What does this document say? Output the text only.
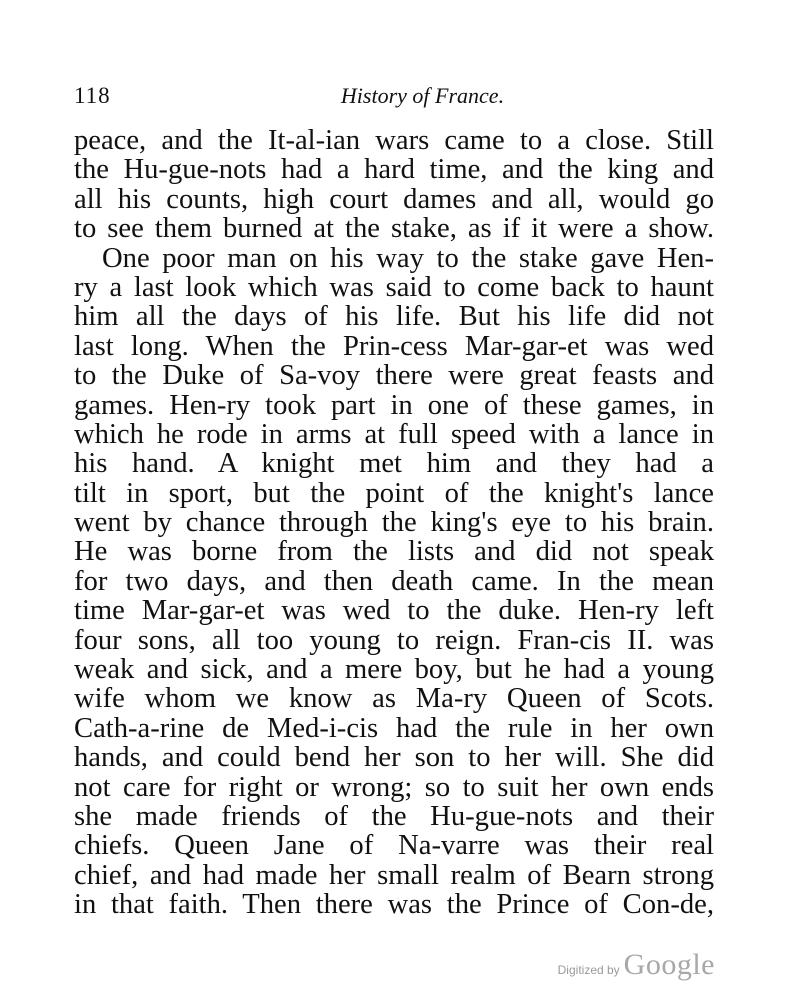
118	History of France.
peace, and the It-al-ian wars came to a close. Still
the Hu-gue-nots had a hard time, and the king and
all his counts, high court dames and all, would go
to see them burned at the stake, as if it were a show.
One poor man on his way to the stake gave Hen-
ry a last look which was said to come back to haunt
him all the days of his life. But his life did not
last long. When the Prin-cess Mar-gar-et was wed
to the Duke of Sa-voy there were great feasts and
games. Hen-ry took part in one of these games, in
which he rode in arms at full speed with a lance in
his hand. A knight met him and they had a
tilt in sport, but the point of the knight's lance
went by chance through the king's eye to his brain.
He was borne from the lists and did not speak
for two days, and then death came. In the mean
time Mar-gar-et was wed to the duke. Hen-ry left
four sons, all too young to reign. Fran-cis II. was
weak and sick, and a mere boy, but he had a young
wife whom we know as Ma-ry Queen of Scots.
Cath-a-rine de Med-i-cis had the rule in her own
hands, and could bend her son to her will. She did
not care for right or wrong; so to suit her own ends
she made friends of the Hu-gue-nots and their
chiefs. Queen Jane of Na-varre was their real
chief, and had made her small realm of Bearn strong
in that faith. Then there was the Prince of Con-de,
Digitized by Google
